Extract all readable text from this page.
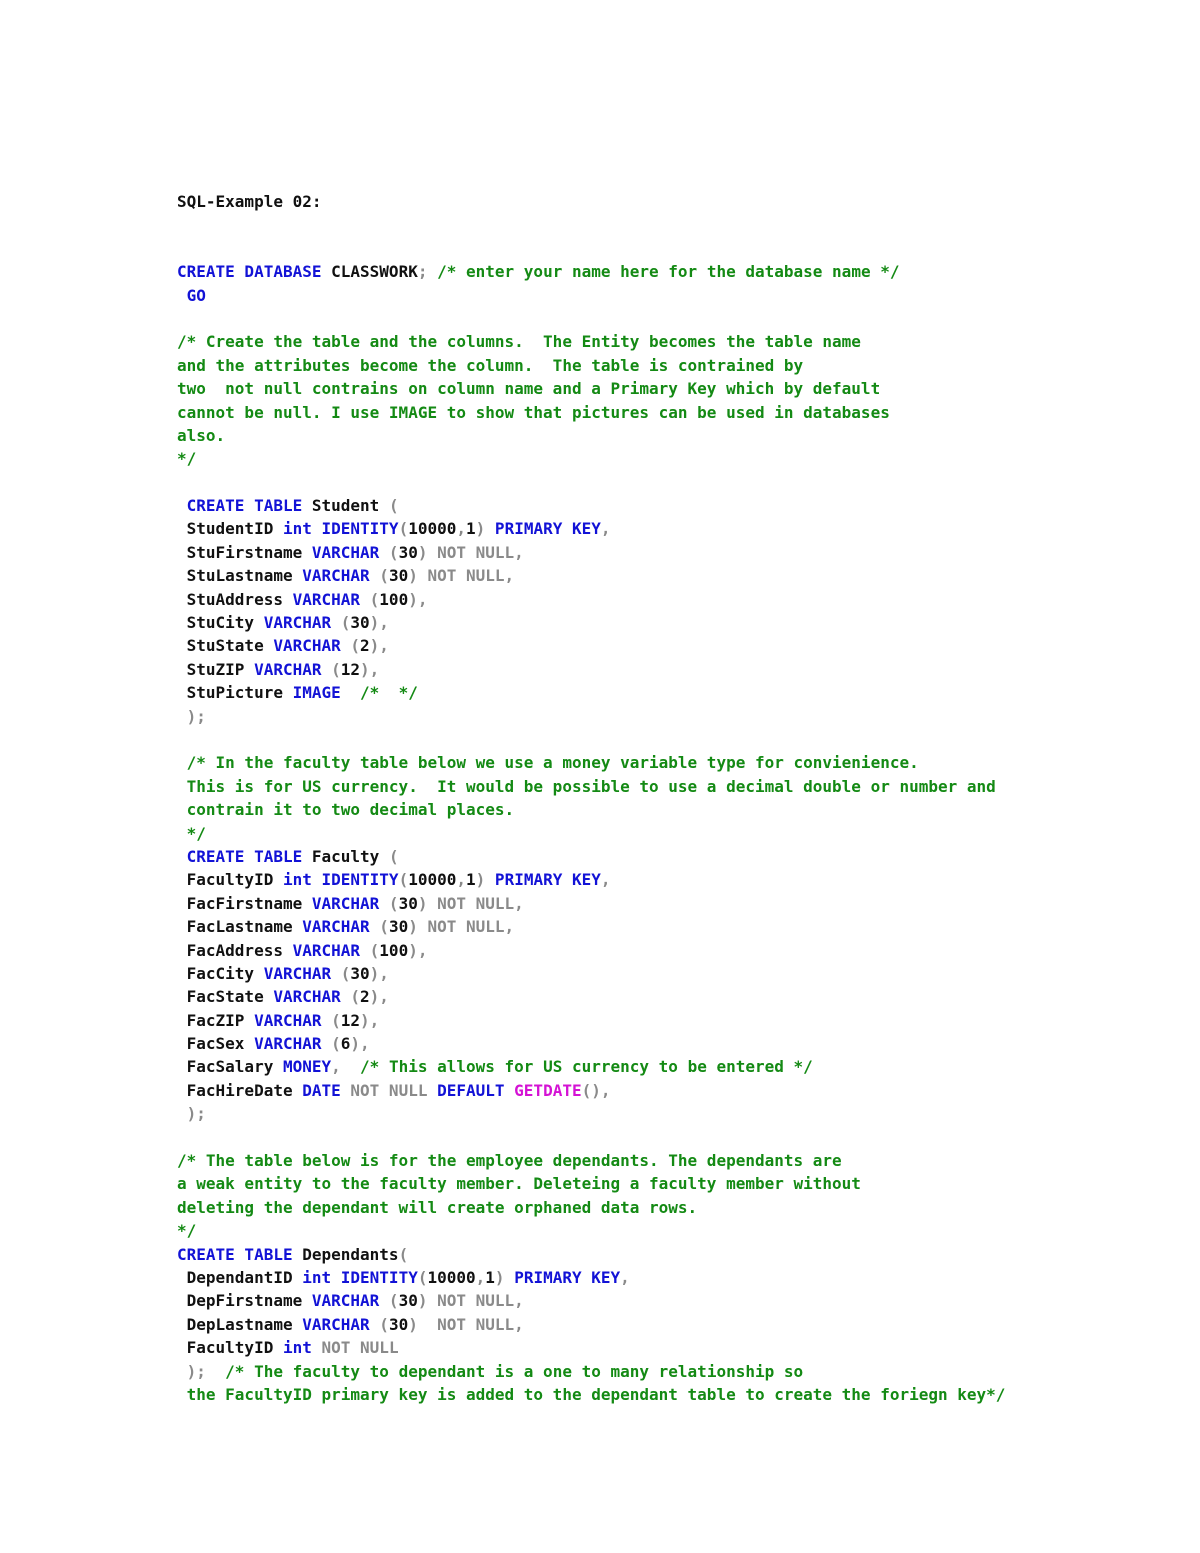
SQL-Example 02:
CREATE DATABASE CLASSWORK; /* enter your name here for the database name */
GO
/* Create the table and the columns.  The Entity becomes the table name
and the attributes become the column.  The table is contrained by
two  not null contrains on column name and a Primary Key which by default
cannot be null. I use IMAGE to show that pictures can be used in databases
also.
*/
CREATE TABLE Student (
StudentID int IDENTITY(10000,1) PRIMARY KEY,
StuFirstname VARCHAR (30) NOT NULL,
StuLastname VARCHAR (30) NOT NULL,
StuAddress VARCHAR (100),
StuCity VARCHAR (30),
StuState VARCHAR (2),
StuZIP VARCHAR (12),
StuPicture IMAGE  /*  */
);
/* In the faculty table below we use a money variable type for convienience.
This is for US currency.  It would be possible to use a decimal double or number and
contrain it to two decimal places.
*/
CREATE TABLE Faculty (
FacultyID int IDENTITY(10000,1) PRIMARY KEY,
FacFirstname VARCHAR (30) NOT NULL,
FacLastname VARCHAR (30) NOT NULL,
FacAddress VARCHAR (100),
FacCity VARCHAR (30),
FacState VARCHAR (2),
FacZIP VARCHAR (12),
FacSex VARCHAR (6),
FacSalary MONEY,  /* This allows for US currency to be entered */
FacHireDate DATE NOT NULL DEFAULT GETDATE(),
);
/* The table below is for the employee dependants. The dependants are
a weak entity to the faculty member. Deleteing a faculty member without
deleting the dependant will create orphaned data rows.
*/
CREATE TABLE Dependants(
DependantID int IDENTITY(10000,1) PRIMARY KEY,
DepFirstname VARCHAR (30) NOT NULL,
DepLastname VARCHAR (30)  NOT NULL,
FacultyID int NOT NULL
);  /* The faculty to dependant is a one to many relationship so
the FacultyID primary key is added to the dependant table to create the foriegn key*/
